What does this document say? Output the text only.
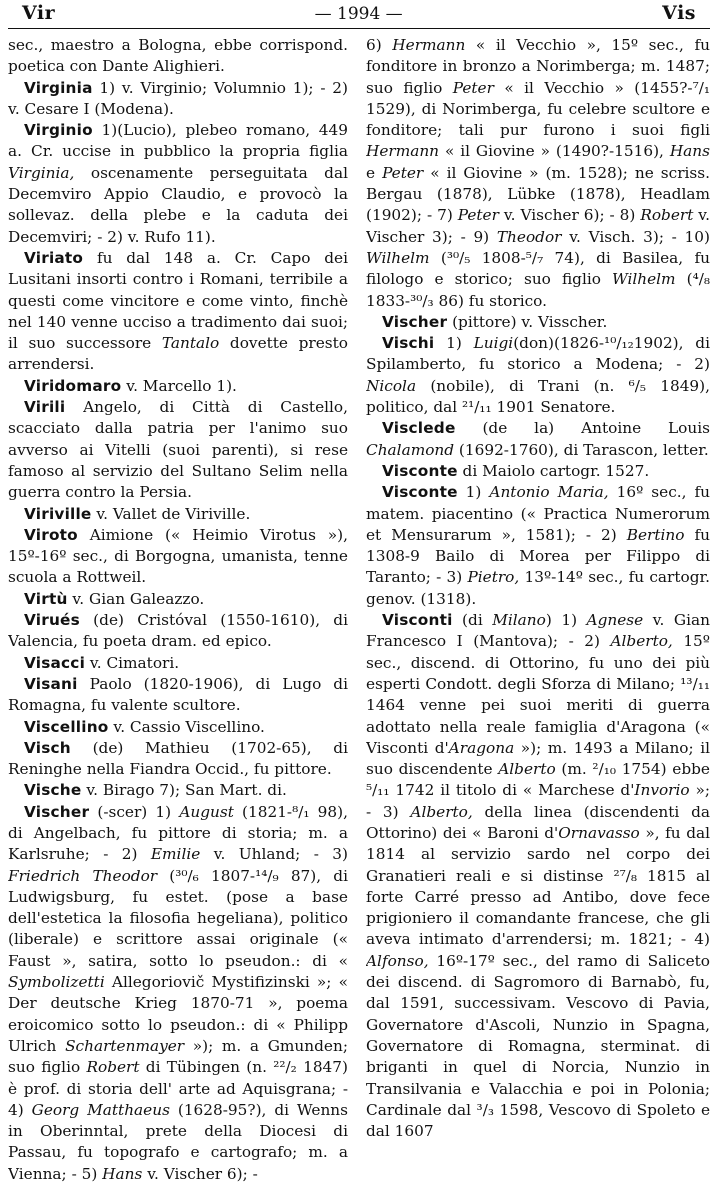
Vir	— 1994 —	Vis

sec., maestro a Bologna, ebbe corrispond. poetica con Dante Alighieri.

Virginia 1) v. Virginio; Volumnio 1); - 2) v. Cesare I (Modena).

Virginio 1)(Lucio), plebeo romano, 449 a. Cr. uccise in pubblico la propria figlia Virginia, oscenamente perseguitata dal Decemviro Appio Claudio, e provocò la sollevaz. della plebe e la caduta dei Decemviri; - 2) v. Rufo 11).

Viriato fu dal 148 a. Cr. Capo dei Lusitani insorti contro i Romani, terribile a questi come vincitore e come vinto, finchè nel 140 venne ucciso a tradimento dai suoi; il suo successore Tantalo dovette presto arrendersi.

Viridomaro v. Marcello 1).

Virili Angelo, di Città di Castello, scacciato dalla patria per l'animo suo avverso ai Vitelli (suoi parenti), si rese famoso al servizio del Sultano Selim nella guerra contro la Persia.

Viriville v. Vallet de Viriville.

Viroto Aimione (« Heimio Virotus »), 15º-16º sec., di Borgogna, umanista, tenne scuola a Rottweil.

Virtù v. Gian Galeazzo.

Virués (de) Cristóval (1550-1610), di Valencia, fu poeta dram. ed epico.

Visacci v. Cimatori.

Visani Paolo (1820-1906), di Lugo di Romagna, fu valente scultore.

Viscellino v. Cassio Viscellino.

Visch (de) Mathieu (1702-65), di Reninghe nella Fiandra Occid., fu pittore.

Vische v. Birago 7); San Mart. di.

Vischer (-scer) 1) August (1821-⁸/₁ 98), di Angelbach, fu pittore di storia; m. a Karlsruhe; - 2) Emilie v. Uhland; - 3) Friedrich Theodor (³⁰/₆ 1807-¹⁴/₉ 87), di Ludwigsburg, fu estet. (pose a base dell'estetica la filosofia hegeliana), politico (liberale) e scrittore assai originale (« Faust », satira, sotto lo pseudon.: di « Symbolizetti Allegoriovič Mystifizinski »; « Der deutsche Krieg 1870-71 », poema eroicomico sotto lo pseudon.: di « Philipp Ulrich Schartenmayer »); m. a Gmunden; suo figlio Robert di Tübingen (n. ²²/₂ 1847) è prof. di storia dell' arte ad Aquisgrana; - 4) Georg Matthaeus (1628-95?), di Wenns in Oberinntal, prete della Diocesi di Passau, fu topografo e cartografo; m. a Vienna; - 5) Hans v. Vischer 6); -

6) Hermann « il Vecchio », 15º sec., fu fonditore in bronzo a Norimberga; m. 1487; suo figlio Peter « il Vecchio » (1455?-⁷/₁ 1529), di Norimberga, fu celebre scultore e fonditore; tali pur furono i suoi figli Hermann « il Giovine » (1490?-1516), Hans e Peter « il Giovine » (m. 1528); ne scriss. Bergau (1878), Lübke (1878), Headlam (1902); - 7) Peter v. Vischer 6); - 8) Robert v. Vischer 3); - 9) Theodor v. Visch. 3); - 10) Wilhelm (³⁰/₅ 1808-⁵/₇ 74), di Basilea, fu filologo e storico; suo figlio Wilhelm (⁴/₈ 1833-³⁰/₃ 86) fu storico.

Vischer (pittore) v. Visscher.

Vischi 1) Luigi(don)(1826-¹⁰/₁₂1902), di Spilamberto, fu storico a Modena; - 2) Nicola (nobile), di Trani (n. ⁶/₅ 1849), politico, dal ²¹/₁₁ 1901 Senatore.

Visclede (de la) Antoine Louis Chalamond (1692-1760), di Tarascon, letter.

Visconte di Maiolo cartogr. 1527.

Visconte 1) Antonio Maria, 16º sec., fu matem. piacentino (« Practica Numerorum et Mensurarum », 1581); - 2) Bertino fu 1308-9 Bailo di Morea per Filippo di Taranto; - 3) Pietro, 13º-14º sec., fu cartogr. genov. (1318).

Visconti (di Milano) 1) Agnese v. Gian Francesco I (Mantova); - 2) Alberto, 15º sec., discend. di Ottorino, fu uno dei più esperti Condott. degli Sforza di Milano; ¹³/₁₁ 1464 venne pei suoi meriti di guerra adottato nella reale famiglia d'Aragona (« Visconti d'Aragona »); m. 1493 a Milano; il suo discendente Alberto (m. ²/₁₀ 1754) ebbe ⁵/₁₁ 1742 il titolo di « Marchese d'Invorio »; - 3) Alberto, della linea (discendenti da Ottorino) dei « Baroni d'Ornavasso », fu dal 1814 al servizio sardo nel corpo dei Granatieri reali e si distinse ²⁷/₈ 1815 al forte Carré presso ad Antibo, dove fece prigioniero il comandante francese, che gli aveva intimato d'arrendersi; m. 1821; - 4) Alfonso, 16º-17º sec., del ramo di Saliceto dei discend. di Sagromoro di Barnabò, fu, dal 1591, successivam. Vescovo di Pavia, Governatore d'Ascoli, Nunzio in Spagna, Governatore di Romagna, sterminat. di briganti in quel di Norcia, Nunzio in Transilvania e Valacchia e poi in Polonia; Cardinale dal ³/₃ 1598, Vescovo di Spoleto e dal 1607
